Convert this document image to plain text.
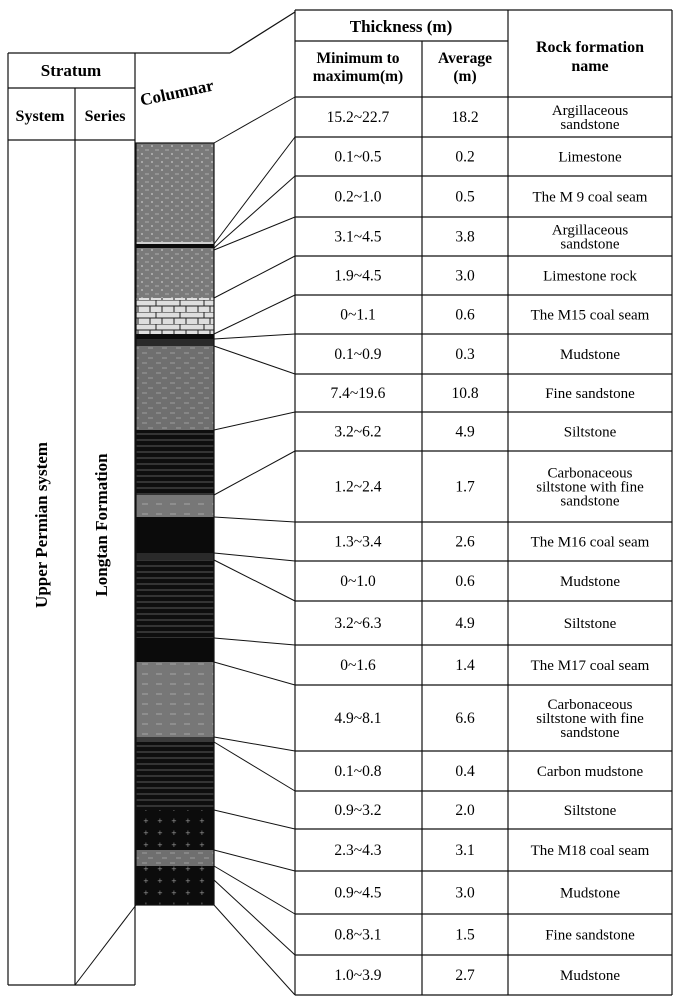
Stratum
System Series
Upper Permian system Longtan Formation
Columnar
Thickness (m)
Minimum to
maximum(m)
Average
(m)
Rock formation
name
15.2~22.7	18.2	Argillaceous
sandstone
0.1~0.5	0.2	Limestone
0.2~1.0	0.5	The M 9 coal seam
3.1~4.5	3.8	Argillaceous
sandstone
1.9~4.5	3.0	Limestone rock
0~1.1	0.6	The M15 coal seam
0.1~0.9	0.3	Mudstone
7.4~19.6	10.8	Fine sandstone
3.2~6.2	4.9	Siltstone
1.2~2.4	1.7
Carbonaceous
siltstone with fine
sandstone
1.3~3.4	2.6	The M16 coal seam
0~1.0	0.6	Mudstone
3.2~6.3	4.9	Siltstone
0~1.6	1.4	The M17 coal seam
4.9~8.1	6.6
Carbonaceous
siltstone with fine
sandstone
0.1~0.8	0.4	Carbon mudstone
0.9~3.2	2.0	Siltstone
2.3~4.3	3.1	The M18 coal seam
0.9~4.5	3.0	Mudstone
0.8~3.1	1.5	Fine sandstone
1.0~3.9	2.7	Mudstone
